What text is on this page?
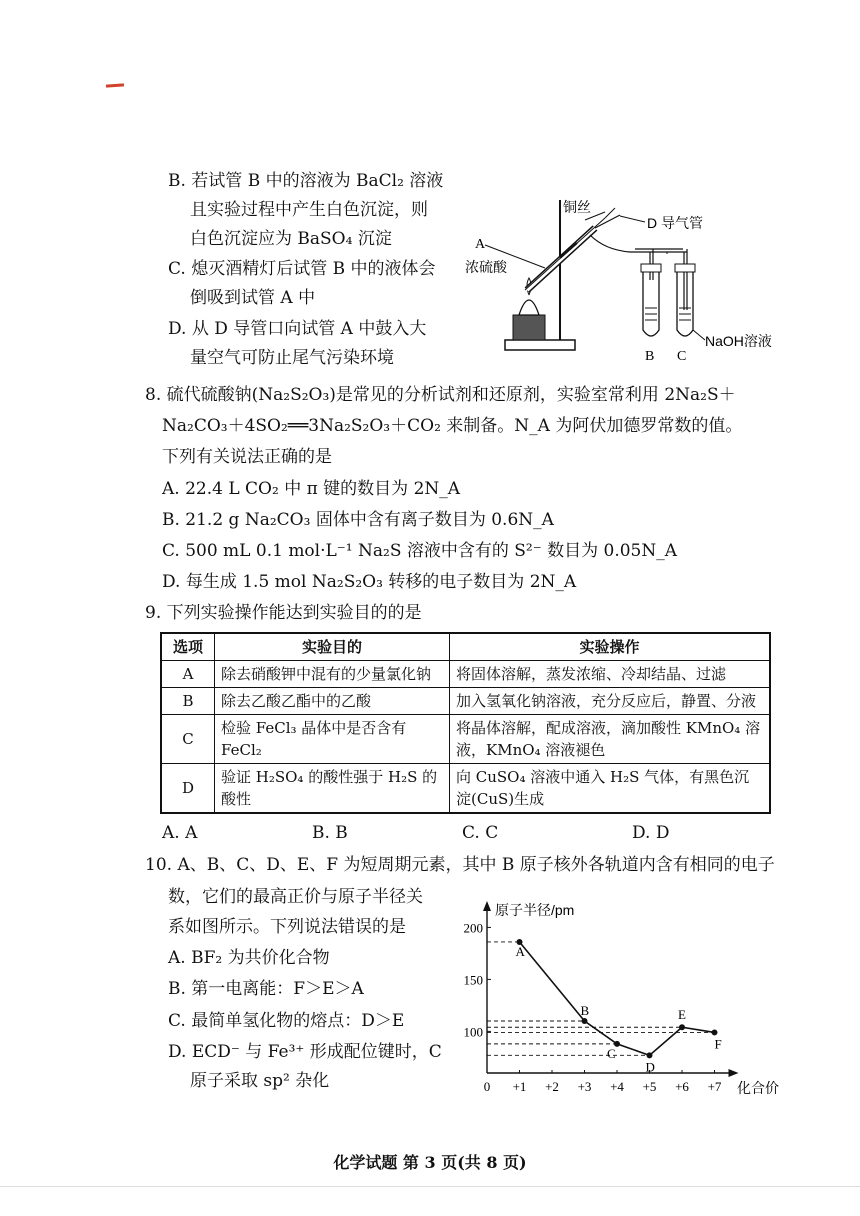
B. 若试管 B 中的溶液为 BaCl₂ 溶液
且实验过程中产生白色沉淀，则
白色沉淀应为 BaSO₄ 沉淀
C. 熄灭酒精灯后试管 B 中的液体会
倒吸到试管 A 中
D. 从 D 导管口向试管 A 中鼓入大
量空气可防止尾气污染环境
A
浓硫酸
铜丝
D 导气管
B C
NaOH溶液
8. 硫代硫酸钠(Na₂S₂O₃)是常见的分析试剂和还原剂，实验室常利用 2Na₂S＋
Na₂CO₃＋4SO₂══3Na₂S₂O₃＋CO₂ 来制备。N_A 为阿伏加德罗常数的值。
下列有关说法正确的是
A. 22.4 L CO₂ 中 π 键的数目为 2N_A
B. 21.2 g Na₂CO₃ 固体中含有离子数目为 0.6N_A
C. 500 mL 0.1 mol·L⁻¹ Na₂S 溶液中含有的 S²⁻ 数目为 0.05N_A
D. 每生成 1.5 mol Na₂S₂O₃ 转移的电子数目为 2N_A
9. 下列实验操作能达到实验目的的是
选项	实验目的	实验操作
A	除去硝酸钾中混有的少量氯化钠	将固体溶解，蒸发浓缩、冷却结晶、过滤
B	除去乙酸乙酯中的乙酸	加入氢氧化钠溶液，充分反应后，静置、分液
C	检验 FeCl₃ 晶体中是否含有 FeCl₂	将晶体溶解，配成溶液，滴加酸性 KMnO₄ 溶液，KMnO₄ 溶液褪色
D	验证 H₂SO₄ 的酸性强于 H₂S 的酸性	向 CuSO₄ 溶液中通入 H₂S 气体，有黑色沉淀(CuS)生成
A. A	B. B	C. C	D. D
10. A、B、C、D、E、F 为短周期元素，其中 B 原子核外各轨道内含有相同的电子
数，它们的最高正价与原子半径关
系如图所示。下列说法错误的是
A. BF₂ 为共价化合物
B. 第一电离能：F＞E＞A
C. 最简单氢化物的熔点：D＞E
D. ECD⁻ 与 Fe³⁺ 形成配位键时，C
原子采取 sp² 杂化
A
B
C
D
E
F
0 +1 +2 +3 +4 +5 +6 +7
100
150
200
原子半径/pm
化合价
化学试题 第 3 页(共 8 页)
